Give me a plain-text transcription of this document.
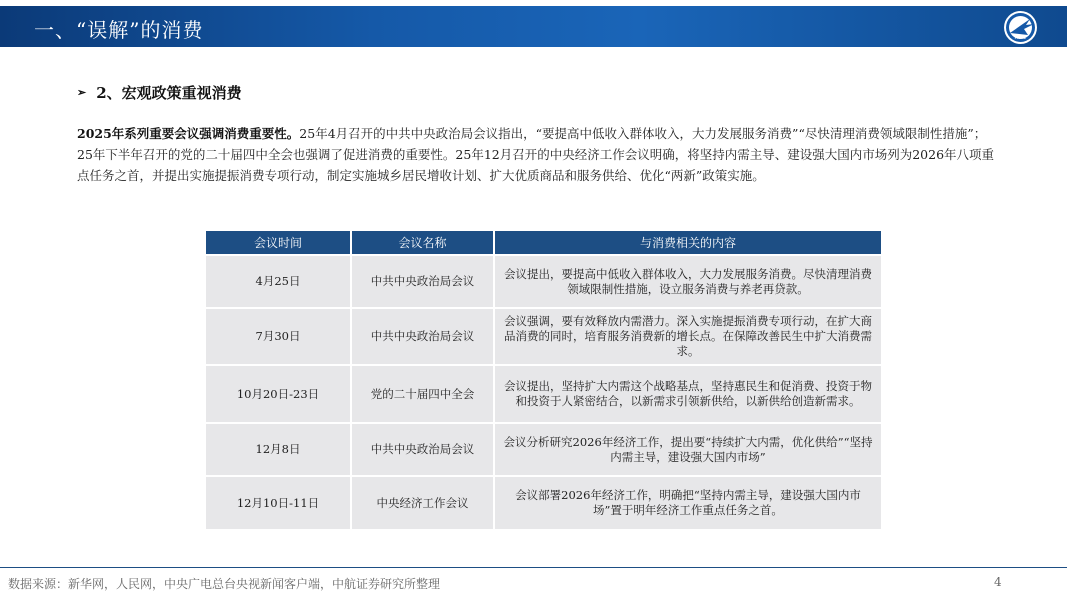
一、“误解”的消费	AVIC
➢ 2、宏观政策重视消费
2025年系列重要会议强调消费重要性。25年4月召开的中共中央政治局会议指出，“要提高中低收入群体收入，大力发展服务消费”“尽快清理消费领域限制性措施”；25年下半年召开的党的二十届四中全会也强调了促进消费的重要性。25年12月召开的中央经济工作会议明确，将坚持内需主导、建设强大国内市场列为2026年八项重点任务之首，并提出实施提振消费专项行动，制定实施城乡居民增收计划、扩大优质商品和服务供给、优化“两新”政策实施。
会议时间	会议名称	与消费相关的内容
4月25日	中共中央政治局会议	会议提出，要提高中低收入群体收入，大力发展服务消费。尽快清理消费领域限制性措施，设立服务消费与养老再贷款。
7月30日	中共中央政治局会议	会议强调，要有效释放内需潜力。深入实施提振消费专项行动，在扩大商品消费的同时，培育服务消费新的增长点。在保障改善民生中扩大消费需求。
10月20日-23日	党的二十届四中全会	会议提出，坚持扩大内需这个战略基点，坚持惠民生和促消费、投资于物和投资于人紧密结合，以新需求引领新供给，以新供给创造新需求。
12月8日	中共中央政治局会议	会议分析研究2026年经济工作，提出要“持续扩大内需，优化供给”“坚持内需主导，建设强大国内市场”
12月10日-11日	中央经济工作会议	会议部署2026年经济工作，明确把“坚持内需主导，建设强大国内市场”置于明年经济工作重点任务之首。
数据来源：新华网，人民网，中央广电总台央视新闻客户端，中航证券研究所整理	4
